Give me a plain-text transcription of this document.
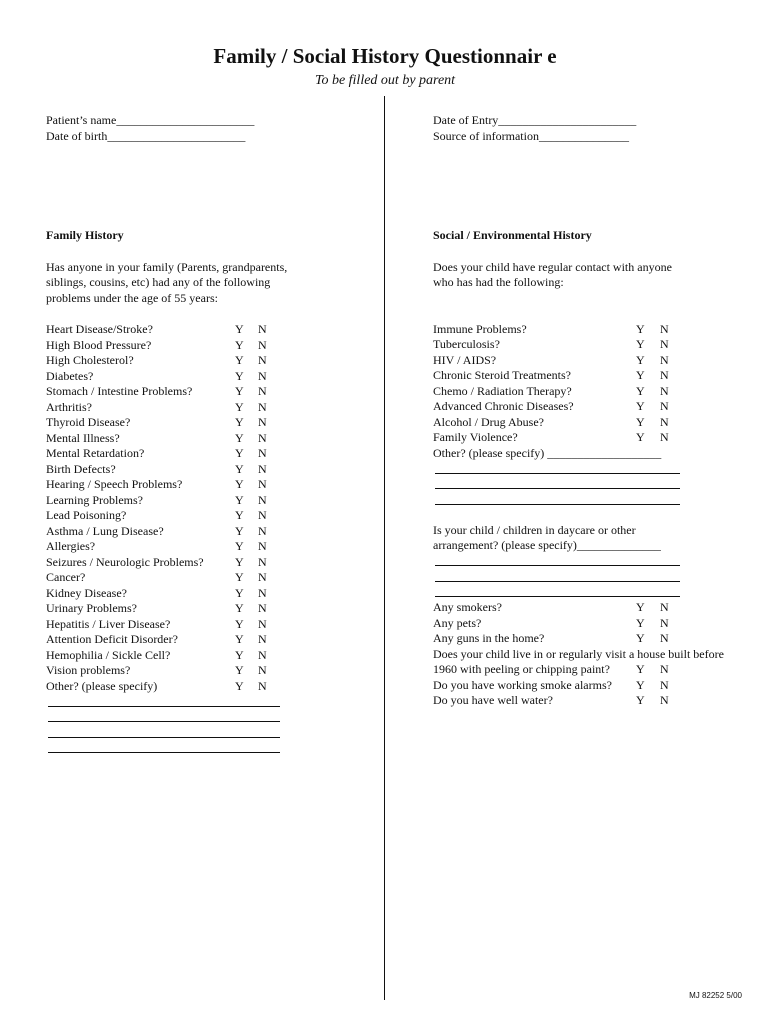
Family / Social History Questionnair e
To be filled out by parent
Patient’s name_______________________
Date of birth_______________________
Family History
Has anyone in your family (Parents, grandparents,
siblings, cousins, etc) had any of the following
problems under the age of 55 years:
Heart Disease/Stroke?	Y N
High Blood Pressure?	Y N
High Cholesterol?	Y N
Diabetes?	Y N
Stomach / Intestine Problems?	Y N
Arthritis?	Y N
Thyroid Disease?	Y N
Mental Illness?	Y N
Mental Retardation?	Y N
Birth Defects?	Y N
Hearing / Speech Problems?	Y N
Learning Problems?	Y N
Lead Poisoning?	Y N
Asthma / Lung Disease?	Y N
Allergies?	Y N
Seizures / Neurologic Problems?	Y N
Cancer?	Y N
Kidney Disease?	Y N
Urinary Problems?	Y N
Hepatitis / Liver Disease?	Y N
Attention Deficit Disorder?	Y N
Hemophilia / Sickle Cell?	Y N
Vision problems?	Y N
Other? (please specify)	Y N
Date of Entry_______________________
Source of information_______________
Social / Environmental History
Does your child have regular contact with anyone
who has had the following:
Immune Problems?	Y N
Tuberculosis?	Y N
HIV / AIDS?	Y N
Chronic Steroid Treatments?	Y N
Chemo / Radiation Therapy?	Y N
Advanced Chronic Diseases?	Y N
Alcohol / Drug Abuse?	Y N
Family Violence?	Y N
Other? (please specify) ___________________
Is your child / children in daycare or other
arrangement? (please specify)______________
Any smokers?	Y N
Any pets?	Y N
Any guns in the home?	Y N
Does your child live in or regularly visit a house built before
1960 with peeling or chipping paint? Y N
Do you have working smoke alarms? Y N
Do you have well water?	Y N
MJ 82252 5/00
